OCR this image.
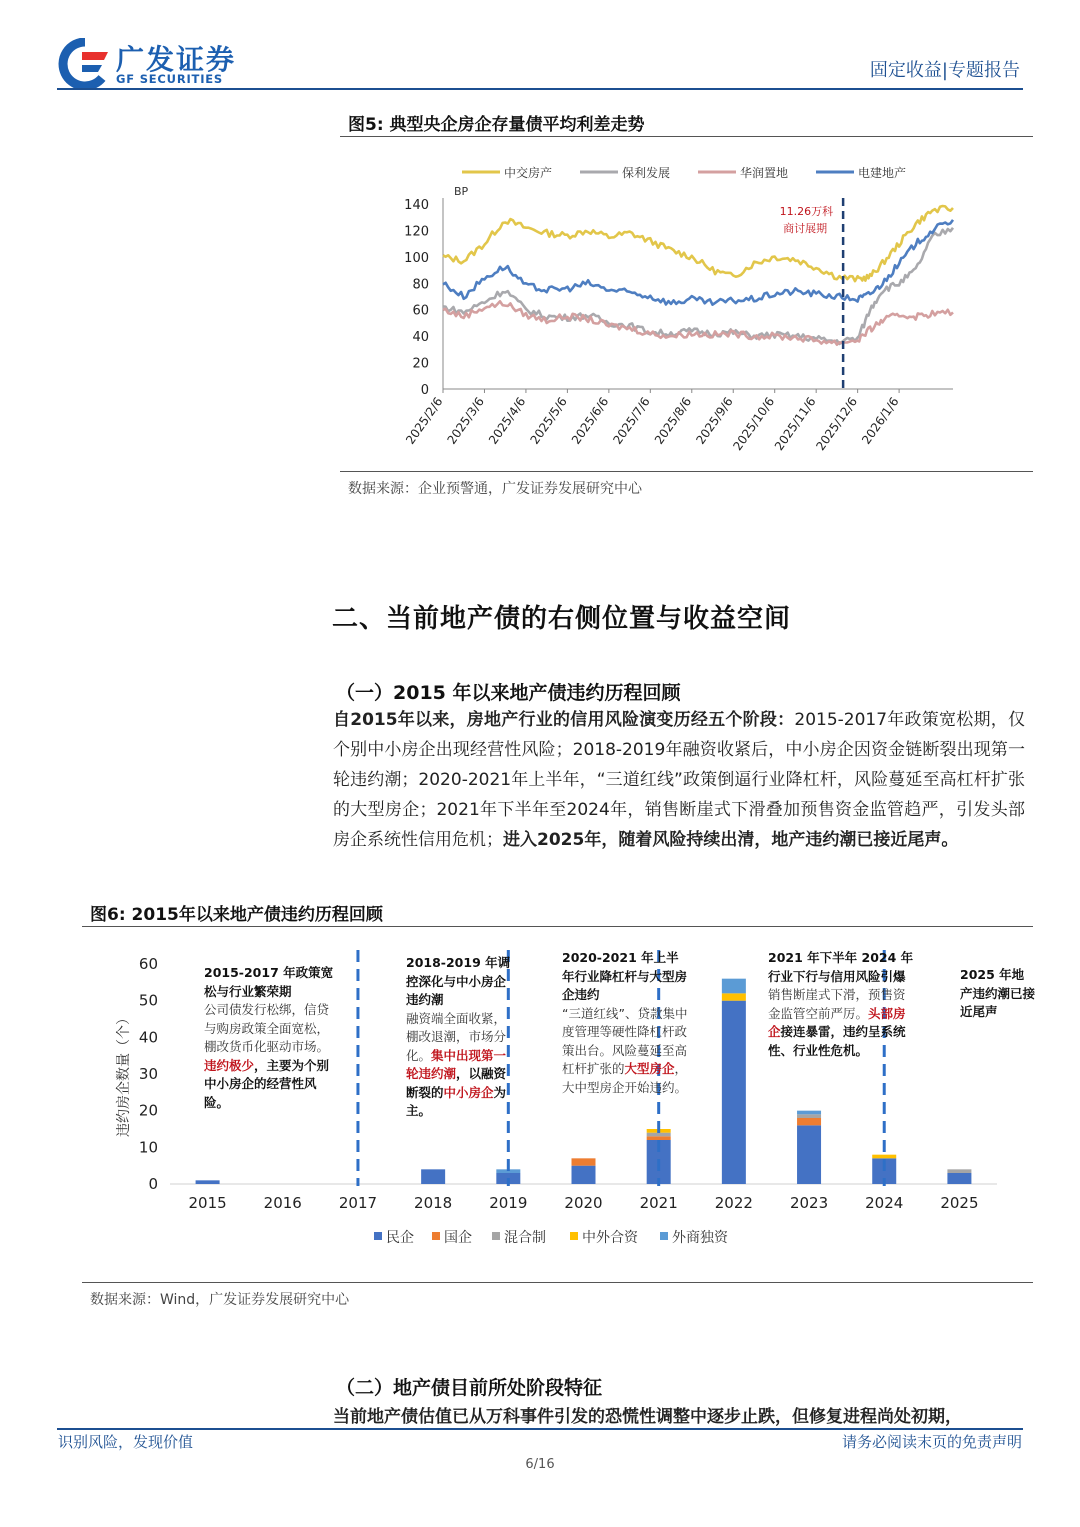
广发证券
GF SECURITIES	固定收益|专题报告
图5: 典型央企房企存量债平均利差走势
中交房产	保利发展	华润置地	电建地产
BP
0
20
40
60
80
100
120
140
2025/2/6 2025/3/6 2025/4/6 2025/5/6 2025/6/6 2025/7/6 2025/8/6 2025/9/6
2025/10/6
2025/11/6
2025/12/6 2026/1/6
11.26万科
商讨展期
数据来源：企业预警通，广发证券发展研究中心
二、当前地产债的右侧位置与收益空间
（一）2015 年以来地产债违约历程回顾
自2015年以来，房地产行业的信用风险演变历经五个阶段：2015-2017年政策宽松期，仅个别中小房企出现经营性风险；2018-2019年融资收紧后，中小房企因资金链断裂出现第一轮违约潮；2020-2021年上半年，“三道红线”政策倒逼行业降杠杆，风险蔓延至高杠杆扩张的大型房企；2021年下半年至2024年，销售断崖式下滑叠加预售资金监管趋严，引发头部房企系统性信用危机；进入2025年，随着风险持续出清，地产违约潮已接近尾声。
图6: 2015年以来地产债违约历程回顾
违约房企数量（个）
0
10
20
30
40
50
60
2015 2016 2017 2018 2019 2020 2021 2022 2023 2024 2025
民企 国企 混合制	中外合资 外商独资
2015-2017 年政策宽松与行业繁荣期
公司债发行松绑，信贷与购房政策全面宽松，棚改货币化驱动市场。违约极少，主要为个别中小房企的经营性风险。
2018-2019 年调控深化与中小房企违约潮
融资端全面收紧，棚改退潮，市场分化。集中出现第一轮违约潮，以融资断裂的中小房企为主。
2020-2021 年上半年行业降杠杆与大型房企违约
“三道红线”、贷款集中度管理等硬性降杠杆政策出台。风险蔓延至高杠杆扩张的大型房企，大中型房企开始违约。
2021 年下半年 2024 年行业下行与信用风险引爆
销售断崖式下滑，预售资金监管空前严厉。头部房企接连暴雷，违约呈系统性、行业性危机。
2025 年地产违约潮已接近尾声
数据来源：Wind，广发证券发展研究中心
（二）地产债目前所处阶段特征
当前地产债估值已从万科事件引发的恐慌性调整中逐步止跌，但修复进程尚处初期，
识别风险，发现价值	请务必阅读末页的免责声明
6/16
